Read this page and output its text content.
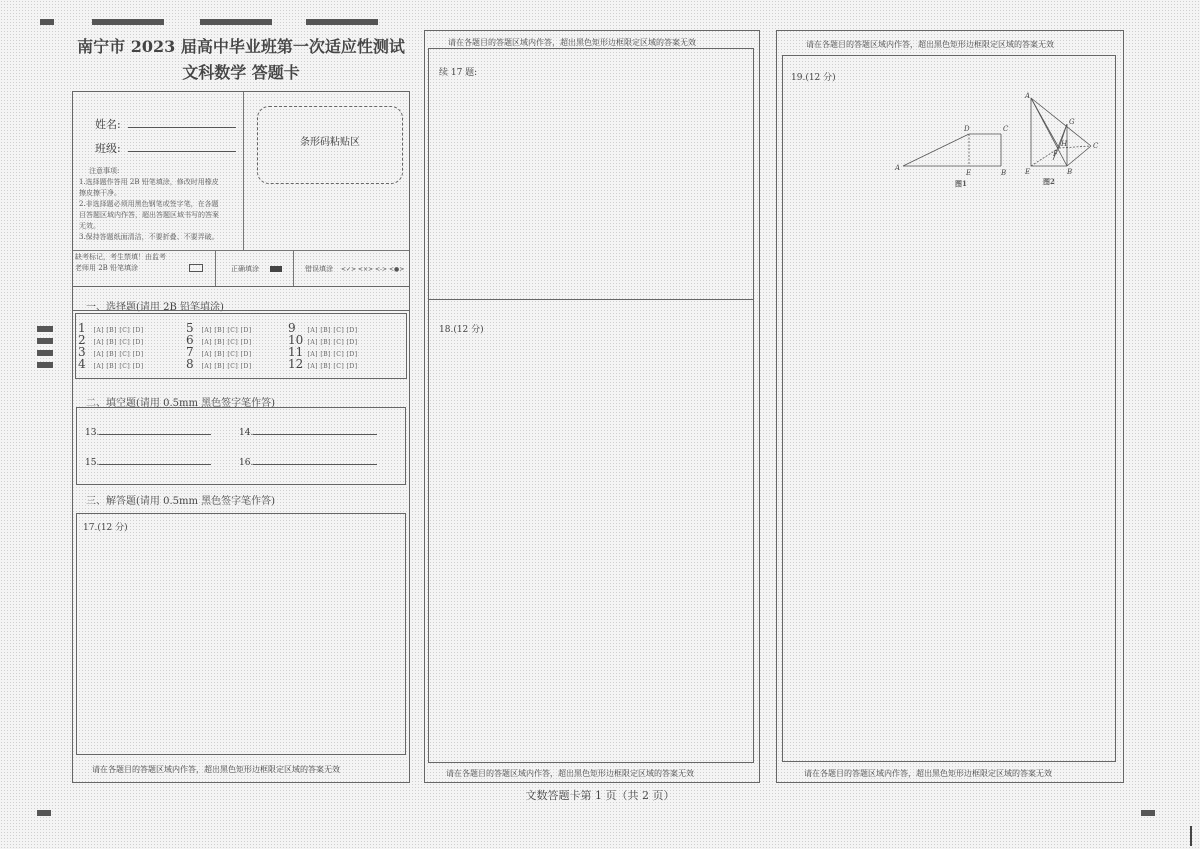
南宁市 2023 届高中毕业班第一次适应性测试
文科数学 答题卡
姓名:
班级:
注意事项:
1.选择题作答用 2B 铅笔填涂，修改时用橡皮
擦皮擦干净。
2.非选择题必须用黑色钢笔或签字笔，在各题
目答题区域内作答，超出答题区域书写的答案
无效。
3.保持答题纸面清洁，不要折叠、不要弄破。
条形码粘贴区
缺考标记，考生禁填！由监考
老师用 2B 铅笔填涂	正确填涂	错误填涂 <✓> <×> <-> <●>
一、选择题(请用 2B 铅笔填涂)
1 [A] [B] [C] [D]
2 [A] [B] [C] [D]
3 [A] [B] [C] [D]
4 [A] [B] [C] [D]
5 [A] [B] [C] [D]
6 [A] [B] [C] [D]
7 [A] [B] [C] [D]
8 [A] [B] [C] [D]
9 [A] [B] [C] [D]
10 [A] [B] [C] [D]
11 [A] [B] [C] [D]
12 [A] [B] [C] [D]
二、填空题(请用 0.5mm 黑色签字笔作答)
13.	14.
15.	16.
三、解答题(请用 0.5mm 黑色签字笔作答)
17.(12 分)
请在各题目的答题区域内作答，超出黑色矩形边框限定区域的答案无效
请在各题目的答题区域内作答，超出黑色矩形边框限定区域的答案无效
续 17 题:
18.(12 分)
请在各题目的答题区域内作答，超出黑色矩形边框限定区域的答案无效
请在各题目的答题区域内作答，超出黑色矩形边框限定区域的答案无效
19.(12 分)
A
D	C
E	B
图1
A
G
H
F
C
E	B
图2
请在各题目的答题区域内作答，超出黑色矩形边框限定区域的答案无效
文数答题卡第 1 页（共 2 页）
